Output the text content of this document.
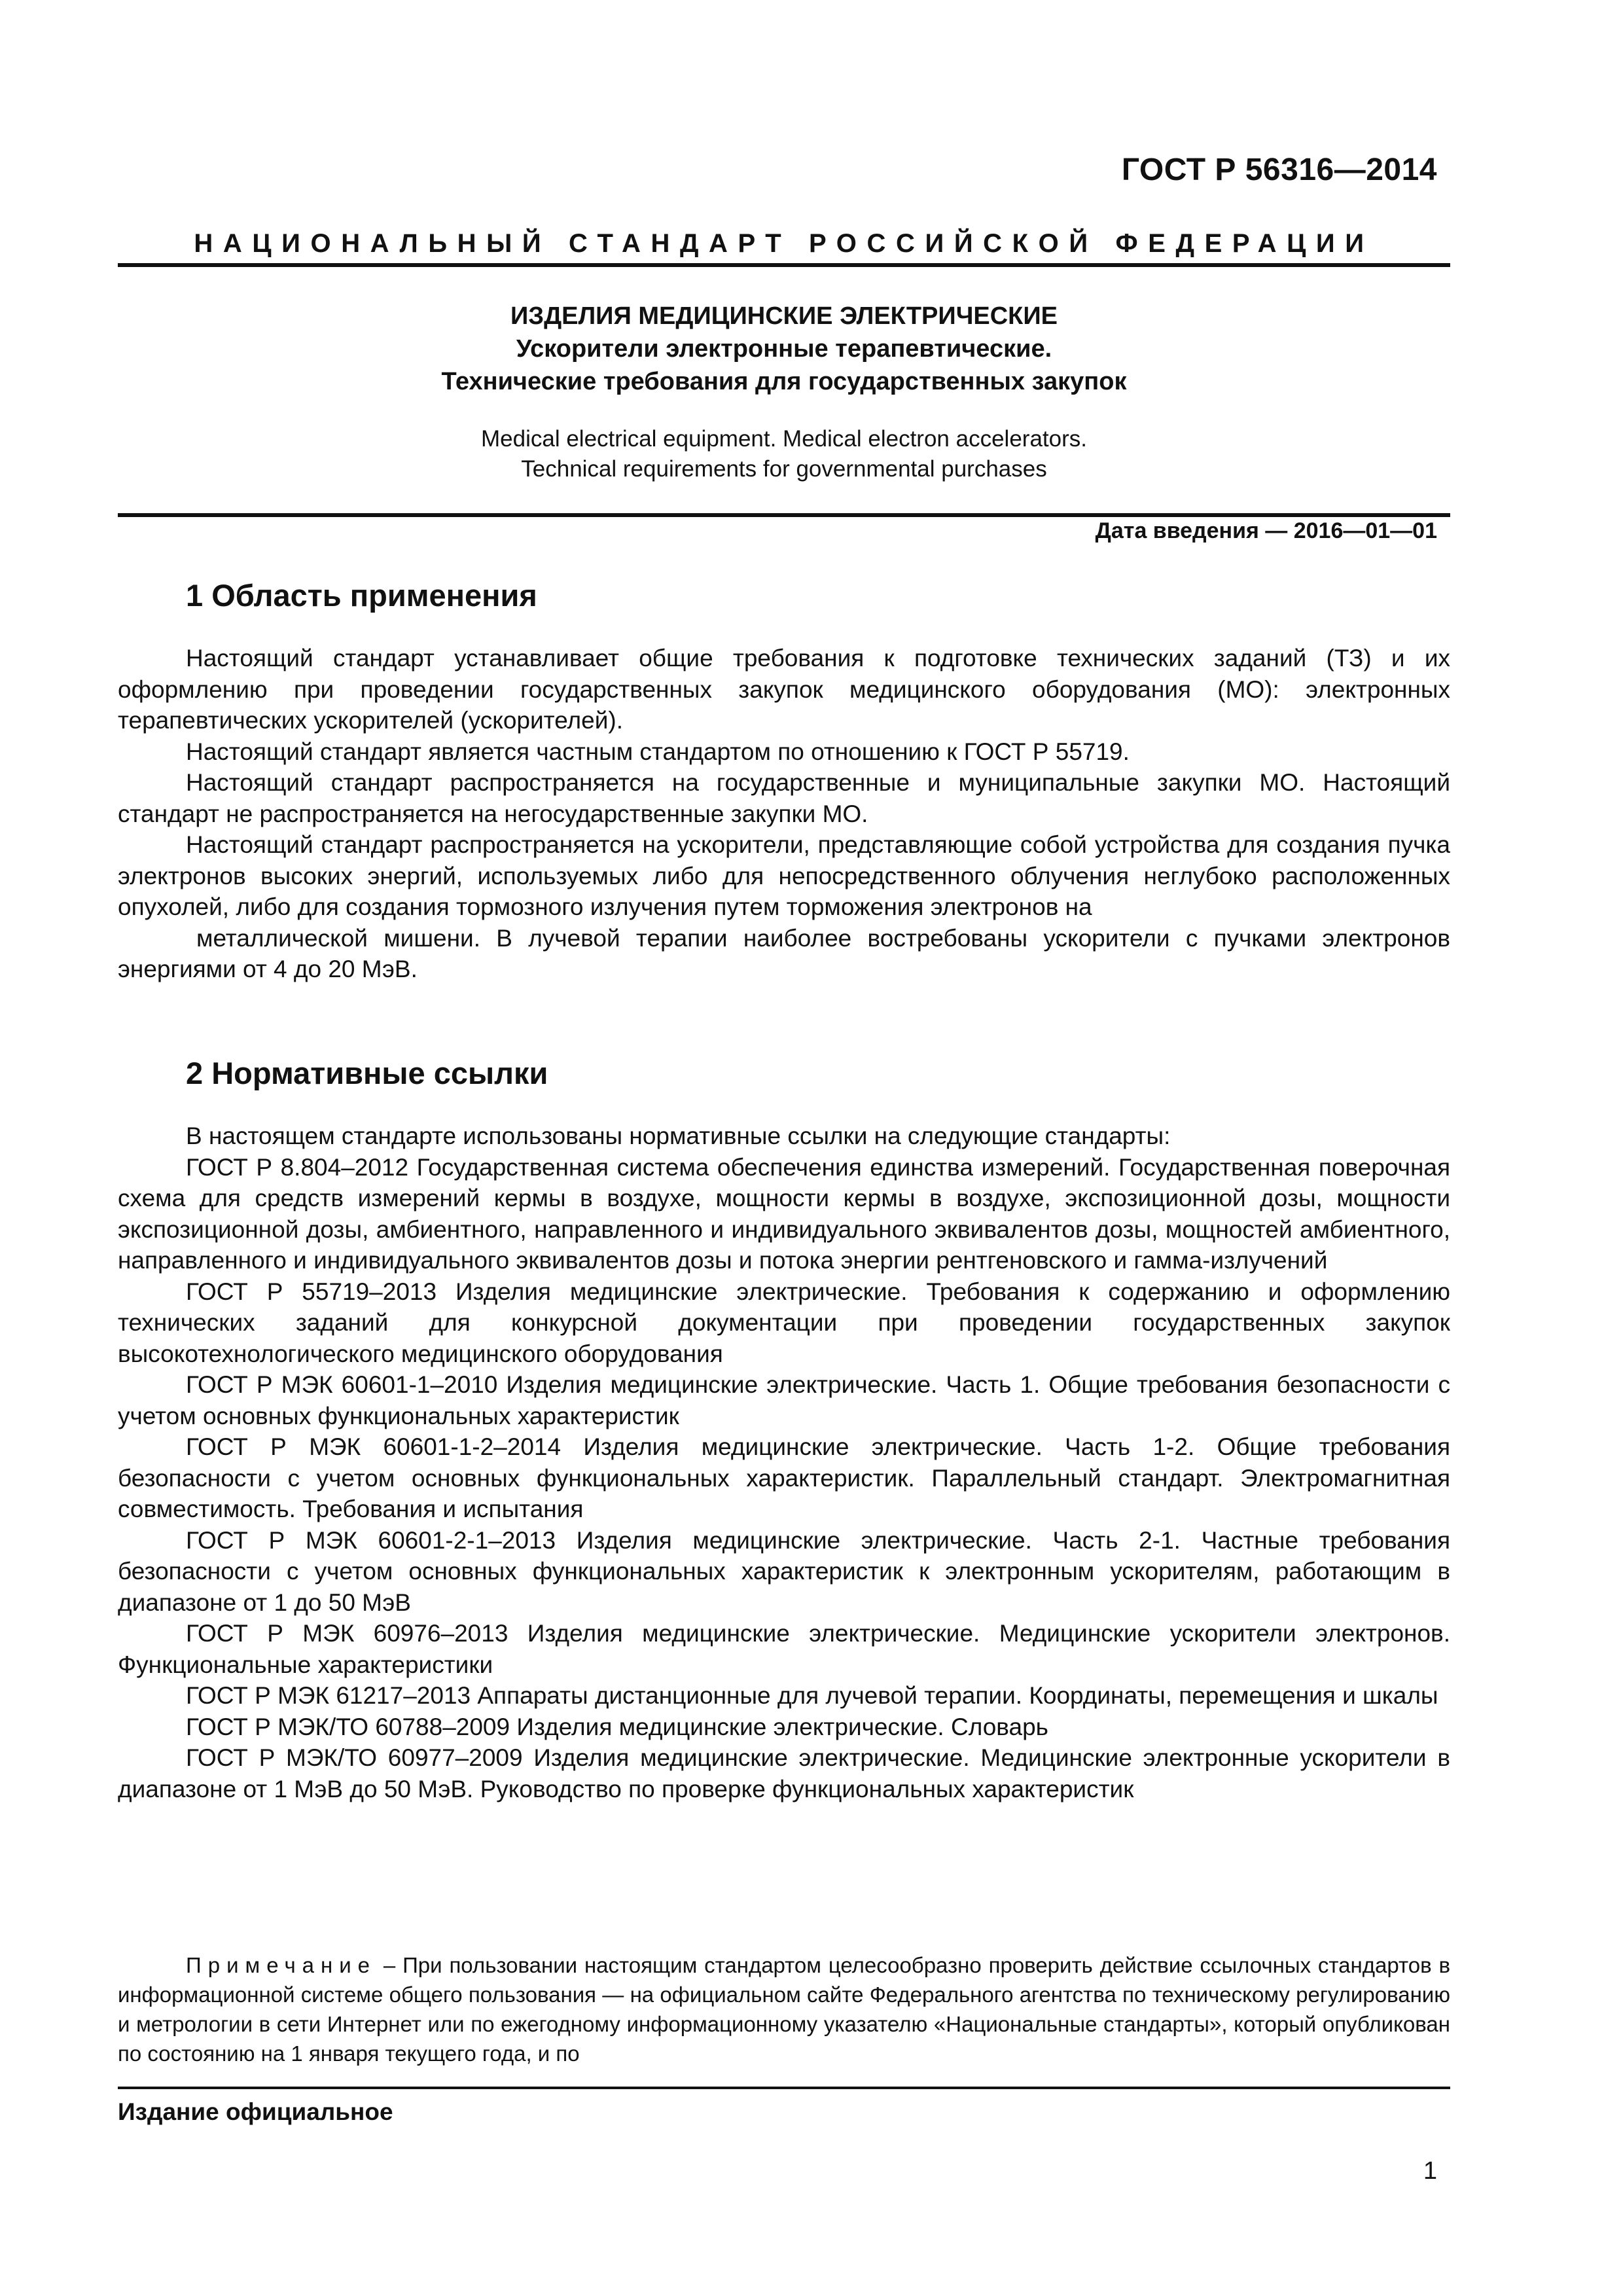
ГОСТ Р 56316—2014
НАЦИОНАЛЬНЫЙ СТАНДАРТ РОССИЙСКОЙ ФЕДЕРАЦИИ
ИЗДЕЛИЯ МЕДИЦИНСКИЕ ЭЛЕКТРИЧЕСКИЕ
Ускорители электронные терапевтические.
Технические требования для государственных закупок
Medical electrical equipment. Medical electron accelerators.
Technical requirements for governmental purchases
Дата введения — 2016—01—01
1 Область применения

Настоящий стандарт устанавливает общие требования к подготовке технических заданий (ТЗ) и их оформлению при проведении государственных закупок медицинского оборудования (МО): электронных терапевтических ускорителей (ускорителей).

Настоящий стандарт является частным стандартом по отношению к ГОСТ Р 55719.

Настоящий стандарт распространяется на государственные и муниципальные закупки МО. Настоящий стандарт не распространяется на негосударственные закупки МО.

Настоящий стандарт распространяется на ускорители, представляющие собой устройства для создания пучка электронов высоких энергий, используемых либо для непосредственного облучения неглубоко расположенных опухолей, либо для создания тормозного излучения путем торможения электронов на

металлической мишени. В лучевой терапии наиболее востребованы ускорители с пучками электронов энергиями от 4 до 20 МэВ.

2 Нормативные ссылки

В настоящем стандарте использованы нормативные ссылки на следующие стандарты:

ГОСТ Р 8.804–2012 Государственная система обеспечения единства измерений. Государственная поверочная схема для средств измерений кермы в воздухе, мощности кермы в воздухе, экспозиционной дозы, мощности экспозиционной дозы, амбиентного, направленного и индивидуального эквивалентов дозы, мощностей амбиентного, направленного и индивидуального эквивалентов дозы и потока энергии рентгеновского и гамма-излучений

ГОСТ Р 55719–2013 Изделия медицинские электрические. Требования к содержанию и оформлению технических заданий для конкурсной документации при проведении государственных закупок высокотехнологического медицинского оборудования

ГОСТ Р МЭК 60601-1–2010 Изделия медицинские электрические. Часть 1. Общие требования безопасности с учетом основных функциональных характеристик

ГОСТ Р МЭК 60601-1-2–2014 Изделия медицинские электрические. Часть 1-2. Общие требования безопасности с учетом основных функциональных характеристик. Параллельный стандарт. Электромагнитная совместимость. Требования и испытания

ГОСТ Р МЭК 60601-2-1–2013 Изделия медицинские электрические. Часть 2-1. Частные требования безопасности с учетом основных функциональных характеристик к электронным ускорителям, работающим в диапазоне от 1 до 50 МэВ

ГОСТ Р МЭК 60976–2013 Изделия медицинские электрические. Медицинские ускорители электронов. Функциональные характеристики

ГОСТ Р МЭК 61217–2013 Аппараты дистанционные для лучевой терапии. Координаты, перемещения и шкалы

ГОСТ Р МЭК/ТО 60788–2009 Изделия медицинские электрические. Словарь

ГОСТ Р МЭК/ТО 60977–2009 Изделия медицинские электрические. Медицинские электронные ускорители в диапазоне от 1 МэВ до 50 МэВ. Руководство по проверке функциональных характеристик

Примечание – При пользовании настоящим стандартом целесообразно проверить действие ссылочных стандартов в информационной системе общего пользования — на официальном сайте Федерального агентства по техническому регулированию и метрологии в сети Интернет или по ежегодному информационному указателю «Национальные стандарты», который опубликован по состоянию на 1 января текущего года, и по
Издание официальное
1
